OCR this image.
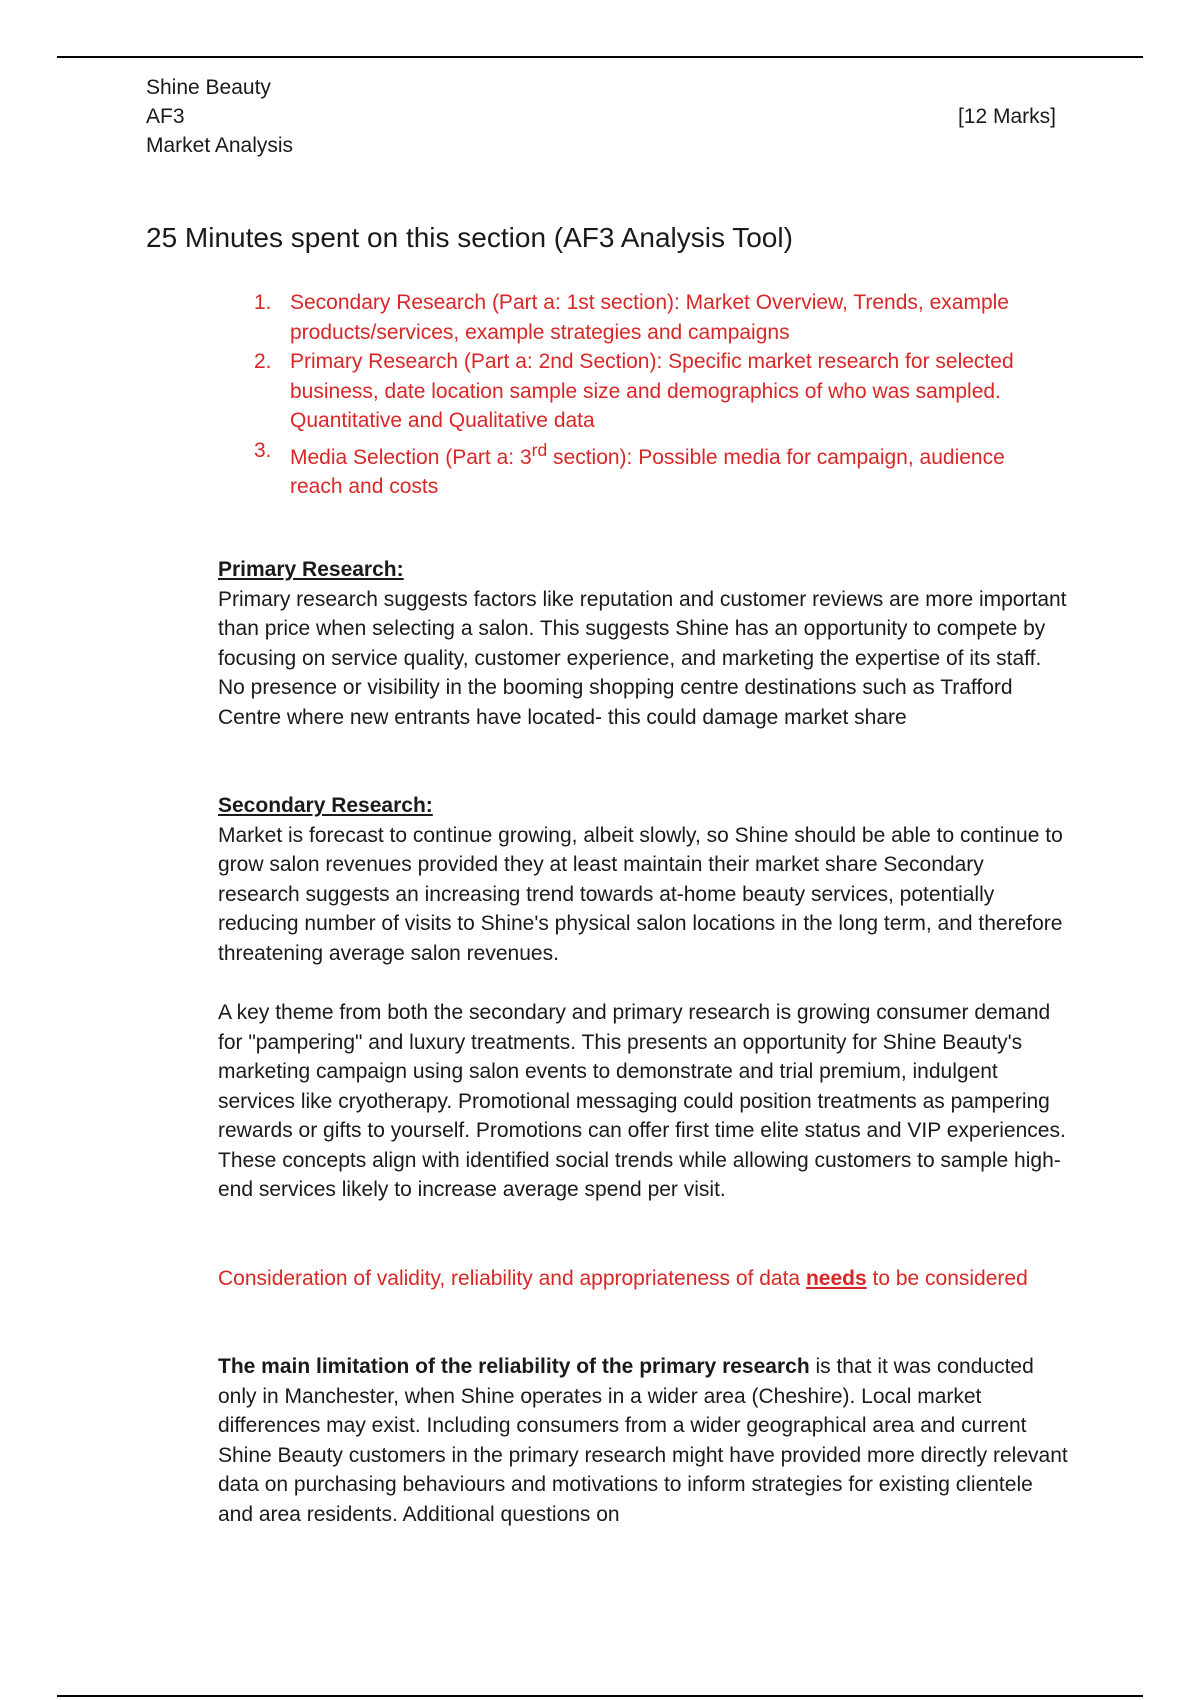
Shine Beauty
AF3
Market Analysis
[12 Marks]
25 Minutes spent on this section (AF3 Analysis Tool)
1. Secondary Research (Part a: 1st section): Market Overview, Trends, example products/services, example strategies and campaigns
2. Primary Research (Part a: 2nd Section): Specific market research for selected business, date location sample size and demographics of who was sampled. Quantitative and Qualitative data
3. Media Selection (Part a: 3rd section): Possible media for campaign, audience reach and costs

Primary Research:

Primary research suggests factors like reputation and customer reviews are more important than price when selecting a salon. This suggests Shine has an opportunity to compete by focusing on service quality, customer experience, and marketing the expertise of its staff. No presence or visibility in the booming shopping centre destinations such as Trafford Centre where new entrants have located- this could damage market share

Secondary Research:

Market is forecast to continue growing, albeit slowly, so Shine should be able to continue to grow salon revenues provided they at least maintain their market share Secondary research suggests an increasing trend towards at-home beauty services, potentially reducing number of visits to Shine's physical salon locations in the long term, and therefore threatening average salon revenues.

A key theme from both the secondary and primary research is growing consumer demand for "pampering" and luxury treatments. This presents an opportunity for Shine Beauty's marketing campaign using salon events to demonstrate and trial premium, indulgent services like cryotherapy. Promotional messaging could position treatments as pampering rewards or gifts to yourself. Promotions can offer first time elite status and VIP experiences. These concepts align with identified social trends while allowing customers to sample high-end services likely to increase average spend per visit.

Consideration of validity, reliability and appropriateness of data needs to be considered

The main limitation of the reliability of the primary research is that it was conducted only in Manchester, when Shine operates in a wider area (Cheshire). Local market differences may exist. Including consumers from a wider geographical area and current Shine Beauty customers in the primary research might have provided more directly relevant data on purchasing behaviours and motivations to inform strategies for existing clientele and area residents. Additional questions on
